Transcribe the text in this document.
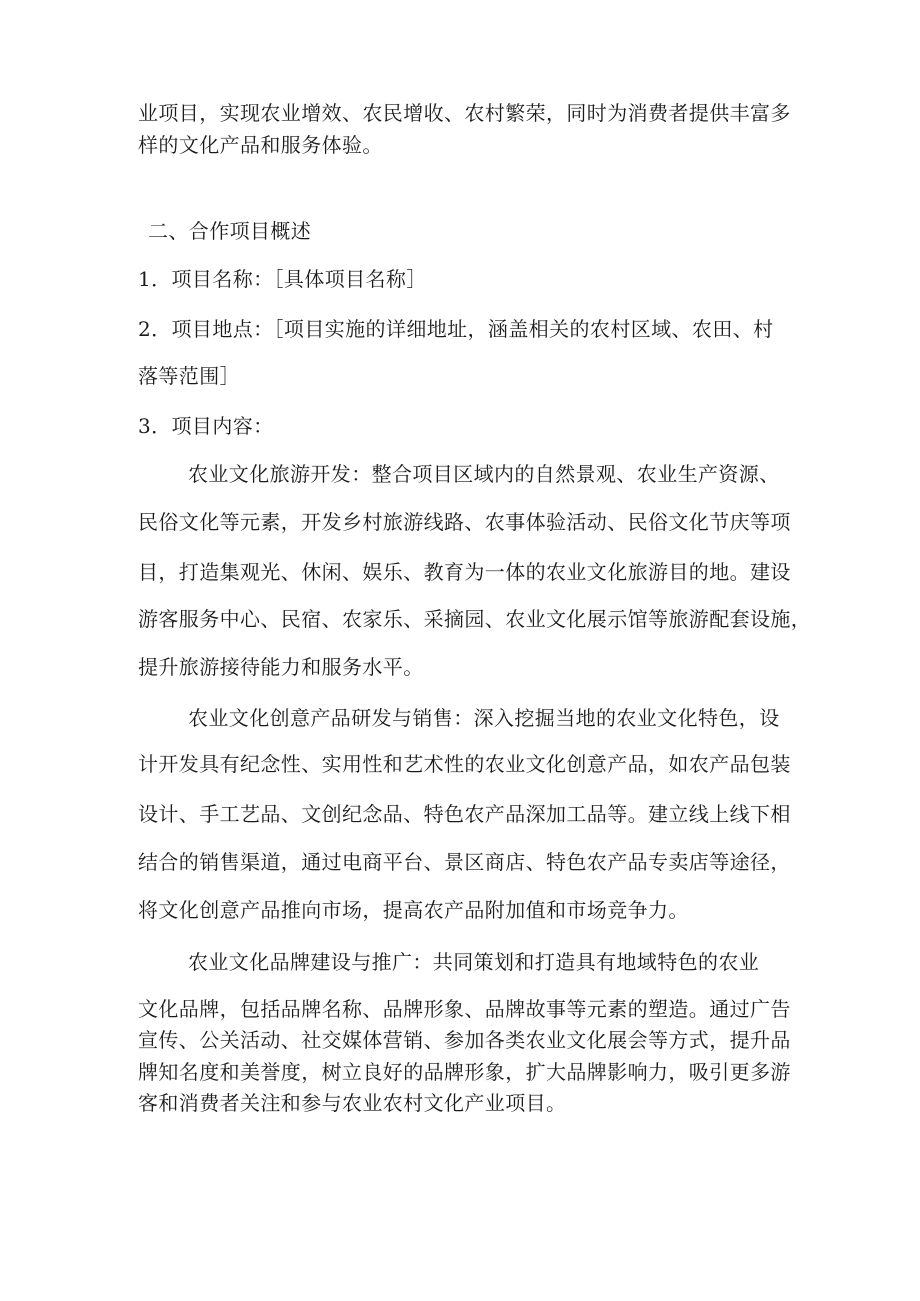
业项目，实现农业增效、农民增收、农村繁荣，同时为消费者提供丰富多
样的文化产品和服务体验。
二、合作项目概述
1．项目名称：［具体项目名称］
2．项目地点：［项目实施的详细地址，涵盖相关的农村区域、农田、村
落等范围］
3．项目内容：
农业文化旅游开发：整合项目区域内的自然景观、农业生产资源、
民俗文化等元素，开发乡村旅游线路、农事体验活动、民俗文化节庆等项
目，打造集观光、休闲、娱乐、教育为一体的农业文化旅游目的地。建设
游客服务中心、民宿、农家乐、采摘园、农业文化展示馆等旅游配套设施，
提升旅游接待能力和服务水平。
农业文化创意产品研发与销售：深入挖掘当地的农业文化特色，设
计开发具有纪念性、实用性和艺术性的农业文化创意产品，如农产品包装
设计、手工艺品、文创纪念品、特色农产品深加工品等。建立线上线下相
结合的销售渠道，通过电商平台、景区商店、特色农产品专卖店等途径，
将文化创意产品推向市场，提高农产品附加值和市场竞争力。
农业文化品牌建设与推广：共同策划和打造具有地域特色的农业
文化品牌，包括品牌名称、品牌形象、品牌故事等元素的塑造。通过广告
宣传、公关活动、社交媒体营销、参加各类农业文化展会等方式，提升品
牌知名度和美誉度，树立良好的品牌形象，扩大品牌影响力，吸引更多游
客和消费者关注和参与农业农村文化产业项目。
